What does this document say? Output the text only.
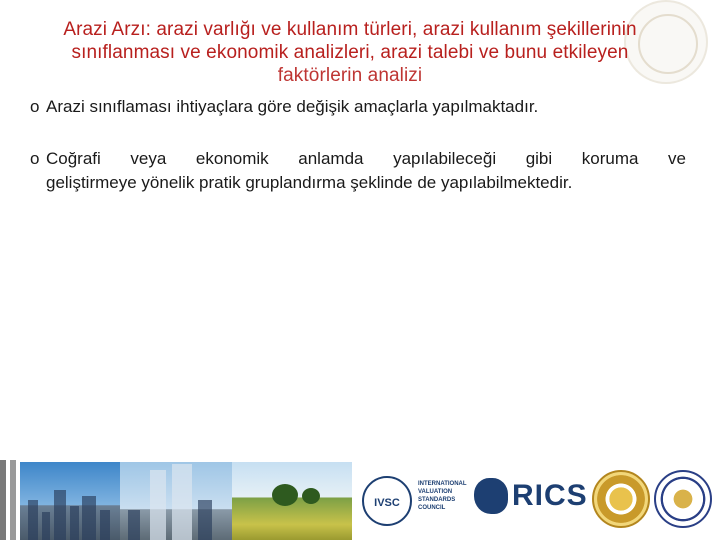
Arazi Arzı: arazi varlığı ve kullanım türleri, arazi kullanım şekillerinin
sınıflanması ve ekonomik analizleri, arazi talebi ve bunu etkileyen
faktörlerin analizi
o Arazi sınıflaması ihtiyaçlara göre değişik amaçlarla yapılmaktadır.
o Coğrafi veya ekonomik anlamda yapılabileceği gibi koruma ve
geliştirmeye yönelik pratik gruplandırma şeklinde de yapılabilmektedir.
IVSC
INTERNATIONAL VALUATION STANDARDS COUNCIL	RICS
